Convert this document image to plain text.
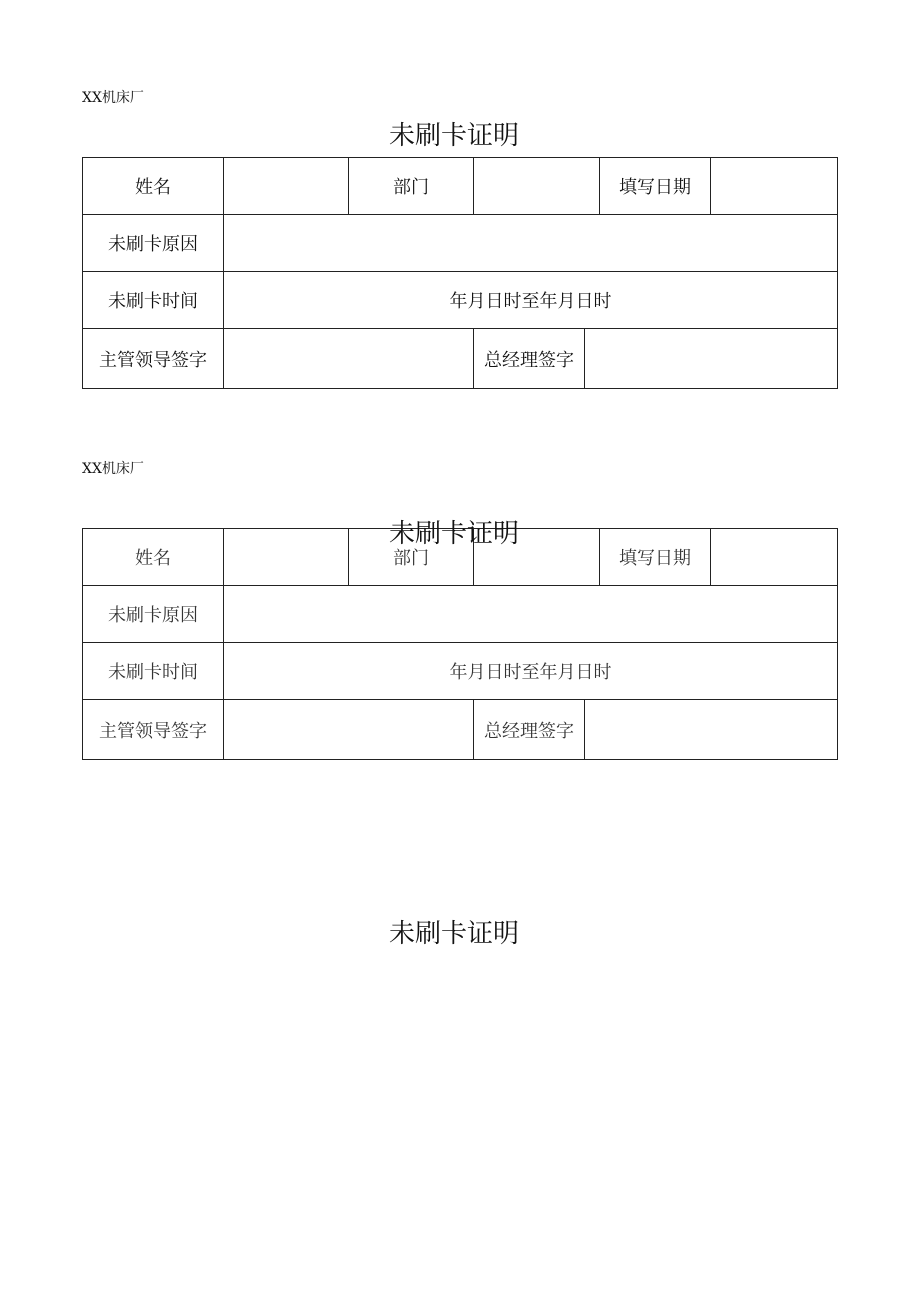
XX机床厂
未刷卡证明
姓名		部门			填写日期	
未刷卡原因						
未刷卡时间	年月日时至年月日时					
主管领导签字			总经理签字			
XX机床厂
姓名		部门			填写日期	
未刷卡原因						
未刷卡时间	年月日时至年月日时					
主管领导签字			总经理签字			
未刷卡证明
未刷卡证明
